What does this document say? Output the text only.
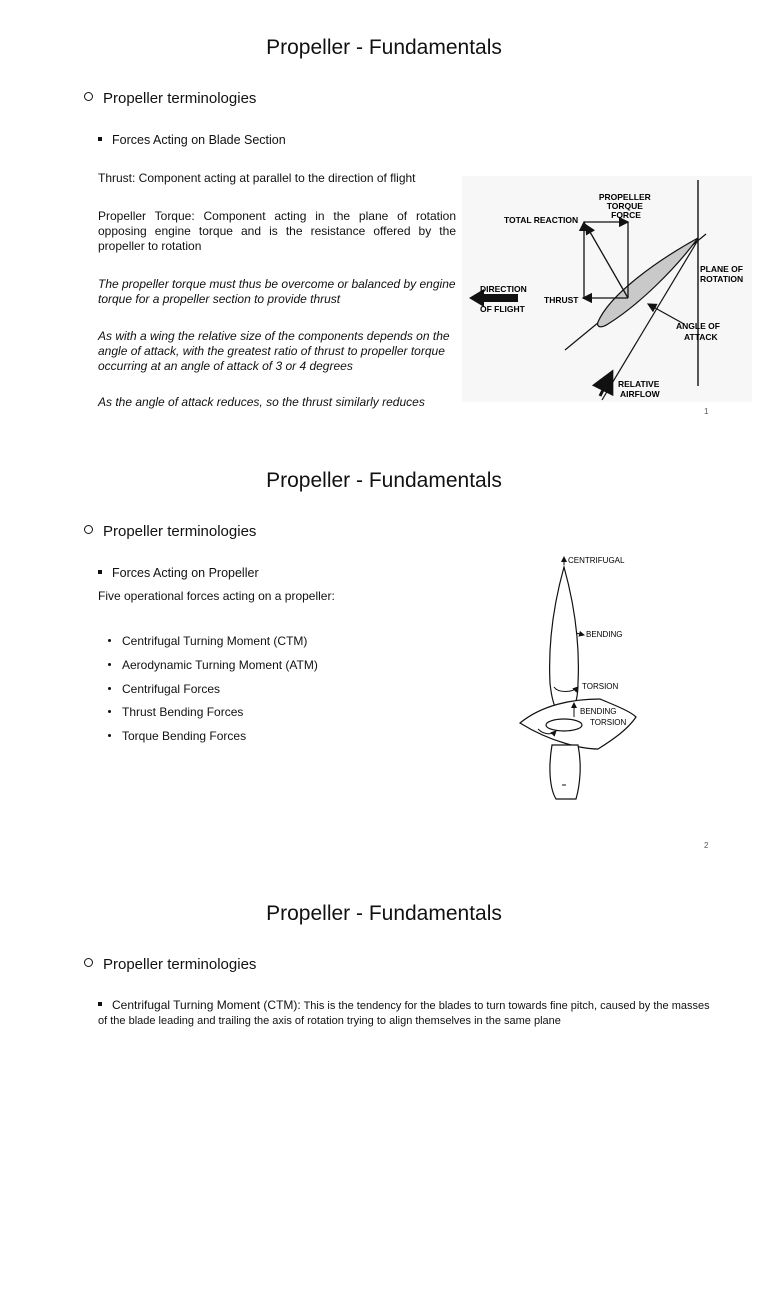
Propeller - Fundamentals
Propeller terminologies
Forces Acting on Blade Section
Thrust: Component acting at parallel to the direction of flight
Propeller Torque: Component acting in the plane of rotation opposing engine torque and is the resistance offered by the propeller to rotation
The propeller torque must thus be overcome or balanced by engine torque for a propeller section to provide thrust
As with a wing the relative size of the components depends on the angle of attack, with the greatest ratio of thrust to propeller torque occurring at an angle of attack of 3 or 4 degrees
As the angle of attack reduces, so the thrust similarly reduces
PROPELLER TORQUE FORCE
TOTAL REACTION
DIRECTION OF FLIGHT
THRUST
PLANE OF ROTATION
ANGLE OF ATTACK
RELATIVE AIRFLOW
1
Propeller - Fundamentals
Propeller terminologies
Forces Acting on Propeller
Five operational forces acting on a propeller:
Centrifugal Turning Moment (CTM)
Aerodynamic Turning Moment (ATM)
Centrifugal Forces
Thrust Bending Forces
Torque Bending Forces
CENTRIFUGAL
BENDING
TORSION
BENDING
TORSION
2
Propeller - Fundamentals
Propeller terminologies
Centrifugal Turning Moment (CTM): This is the tendency for the blades to turn towards fine pitch, caused by the masses of the blade leading and trailing the axis of rotation trying to align themselves in the same plane
